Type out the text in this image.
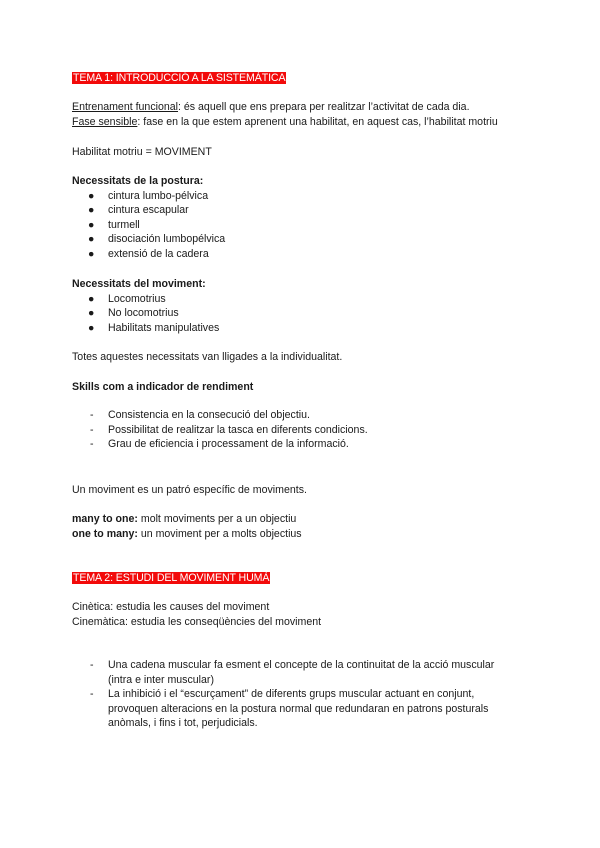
TEMA 1: INTRODUCCIÓ A LA SISTEMÀTICA
Entrenament funcional: és aquell que ens prepara per realitzar l’activitat de cada dia.
Fase sensible: fase en la que estem aprenent una habilitat, en aquest cas, l’habilitat motriu
Habilitat motriu = MOVIMENT
Necessitats de la postura:
●	cintura lumbo-pélvica
●	cintura escapular
●	turmell
●	disociación lumbopélvica
●	extensió de la cadera
Necessitats del moviment:
●	Locomotrius
●	No locomotrius
●	Habilitats manipulatives
Totes aquestes necessitats van lligades a la individualitat.
Skills com a indicador de rendiment
-	Consistencia en la consecució del objectiu.
-	Possibilitat de realitzar la tasca en diferents condicions.
-	Grau de eficiencia i processament de la informació.
Un moviment es un patró específic de moviments.
many to one: molt moviments per a un objectiu
one to many: un moviment per a molts objectius
TEMA 2: ESTUDI DEL MOVIMENT HUMÀ
Cinètica: estudia les causes del moviment
Cinemàtica: estudia les conseqüències del moviment
-	Una cadena muscular fa esment el concepte de la continuitat de la acció muscular (intra e inter muscular)
-	La inhibició i el “escurçament” de diferents grups muscular actuant en conjunt, provoquen alteracions en la postura normal que redundaran en patrons posturals anòmals, i fins i tot, perjudicials.
